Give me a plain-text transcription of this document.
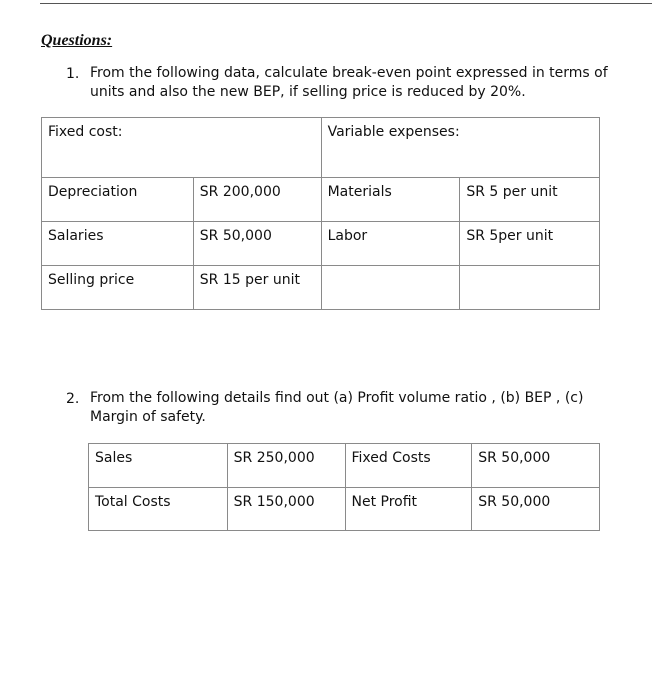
Questions:
1. From the following data, calculate break-even point expressed in terms of
units and also the new BEP, if selling price is reduced by 20%.
Fixed cost:		Variable expenses:	
Depreciation	SR 200,000	Materials	SR 5 per unit
Salaries	SR 50,000	Labor	SR 5per unit
Selling price	SR 15 per unit		
2. From the following details find out (a) Profit volume ratio , (b) BEP , (c)
Margin of safety.
Sales	SR 250,000	Fixed Costs	SR 50,000
Total Costs	SR 150,000	Net Profit	SR 50,000
